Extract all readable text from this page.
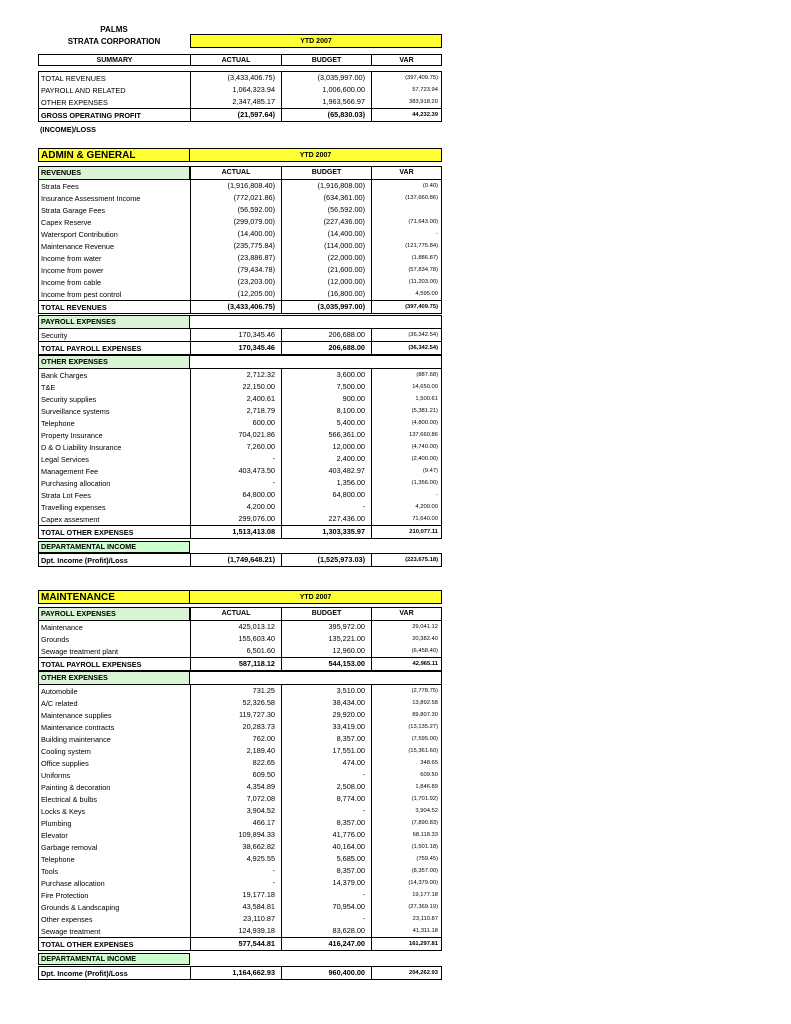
PALMS
STRATA CORPORATION	YTD 2007
SUMMARY	ACTUAL	BUDGET	VAR
TOTAL REVENUES	(3,433,406.75)	(3,035,997.00)	(397,409.75)
PAYROLL AND RELATED	1,064,323.94	1,006,600.00	57,723.94
OTHER EXPENSES	2,347,485.17	1,963,566.97	383,918.20
GROSS OPERATING PROFIT	(21,597.64)	(65,830.03)	44,232.39
(INCOME)/LOSS
ADMIN & GENERAL	YTD 2007
REVENUES	ACTUAL	BUDGET	VAR
Strata Fees	(1,916,808.40)	(1,916,808.00)	(0.40)
Insurance Assessment Income	(772,021.86)	(634,361.00)	(137,660.86)
Strata Garage Fees	(56,592.00)	(56,592.00)
Capex Reserve	(299,079.00)	(227,436.00)	(71,643.00)
Watersport Contribution	(14,400.00)	(14,400.00)	-
Maintenance Revenue	(235,775.84)	(114,000.00)	(121,775.84)
Income from water	(23,886.87)	(22,000.00)	(1,886.87)
Income from power	(79,434.78)	(21,600.00)	(57,834.78)
Income from cable	(23,203.00)	(12,000.00)	(11,203.00)
Income from pest control	(12,205.00)	(16,800.00)	4,595.00
TOTAL REVENUES	(3,433,406.75)	(3,035,997.00)	(397,409.75)
PAYROLL EXPENSES
Security	170,345.46	206,688.00	(36,342.54)
TOTAL PAYROLL EXPENSES	170,345.46	206,688.00	(36,342.54)
OTHER EXPENSES
Bank Charges	2,712.32	3,600.00	(887.68)
T&E	22,150.00	7,500.00	14,650.00
Security supplies	2,400.61	900.00	1,500.61
Surveillance systems	2,718.79	8,100.00	(5,381.21)
Telephone	600.00	5,400.00	(4,800.00)
Property Insurance	704,021.86	566,361.00	137,660.86
D & O Liability Insurance	7,260.00	12,000.00	(4,740.00)
Legal Services	-	2,400.00	(2,400.00)
Management Fee	403,473.50	403,482.97	(9.47)
Purchasing allocation	-	1,356.00	(1,356.00)
Strata Lot Fees	64,800.00	64,800.00	-
Travelling expenses	4,200.00	-	4,200.00
Capex assesment	299,076.00	227,436.00	71,640.00
TOTAL OTHER EXPENSES	1,513,413.08	1,303,335.97	210,077.11
DEPARTAMENTAL INCOME
Dpt. Income (Profit)/Loss	(1,749,648.21)	(1,525,973.03)	(223,675.18)
MAINTENANCE	YTD 2007
PAYROLL EXPENSES	ACTUAL	BUDGET	VAR
Maintenance	425,013.12	395,972.00	29,041.12
Grounds	155,603.40	135,221.00	20,382.40
Sewage treatment plant	6,501.60	12,960.00	(6,458.40)
TOTAL PAYROLL EXPENSES	587,118.12	544,153.00	42,965.11
OTHER EXPENSES
Automobile	731.25	3,510.00	(2,778.75)
A/C related	52,326.58	38,434.00	13,892.58
Maintenance supplies	119,727.30	29,920.00	89,807.30
Maintenance contracts	20,283.73	33,419.00	(13,135.27)
Building maintenance	762.00	8,357.00	(7,595.00)
Cooling system	2,189.40	17,551.00	(15,361.60)
Office supplies	822.65	474.00	348.65
Uniforms	609.50	-	609.50
Painting & decoration	4,354.89	2,508.00	1,846.89
Electrical & bulbs	7,072.08	8,774.00	(1,701.92)
Locks & Keys	3,904.52	-	3,904.52
Plumbing	466.17	8,357.00	(7,890.83)
Elevator	109,894.33	41,776.00	68,118.33
Garbage removal	38,662.82	40,164.00	(1,501.18)
Telephone	4,925.55	5,685.00	(759.45)
Tools	-	8,357.00	(8,357.00)
Purchase allocation	-	14,379.00	(14,379.00)
Fire Protection	19,177.18	-	19,177.18
Grounds & Landscaping	43,584.81	70,954.00	(27,369.19)
Other expenses	23,110.87	-	23,110.87
Sewage treatment	124,939.18	83,628.00	41,311.18
TOTAL OTHER EXPENSES	577,544.81	416,247.00	161,297.81
DEPARTAMENTAL INCOME
Dpt. Income (Profit)/Loss	1,164,662.93	960,400.00	204,262.93
